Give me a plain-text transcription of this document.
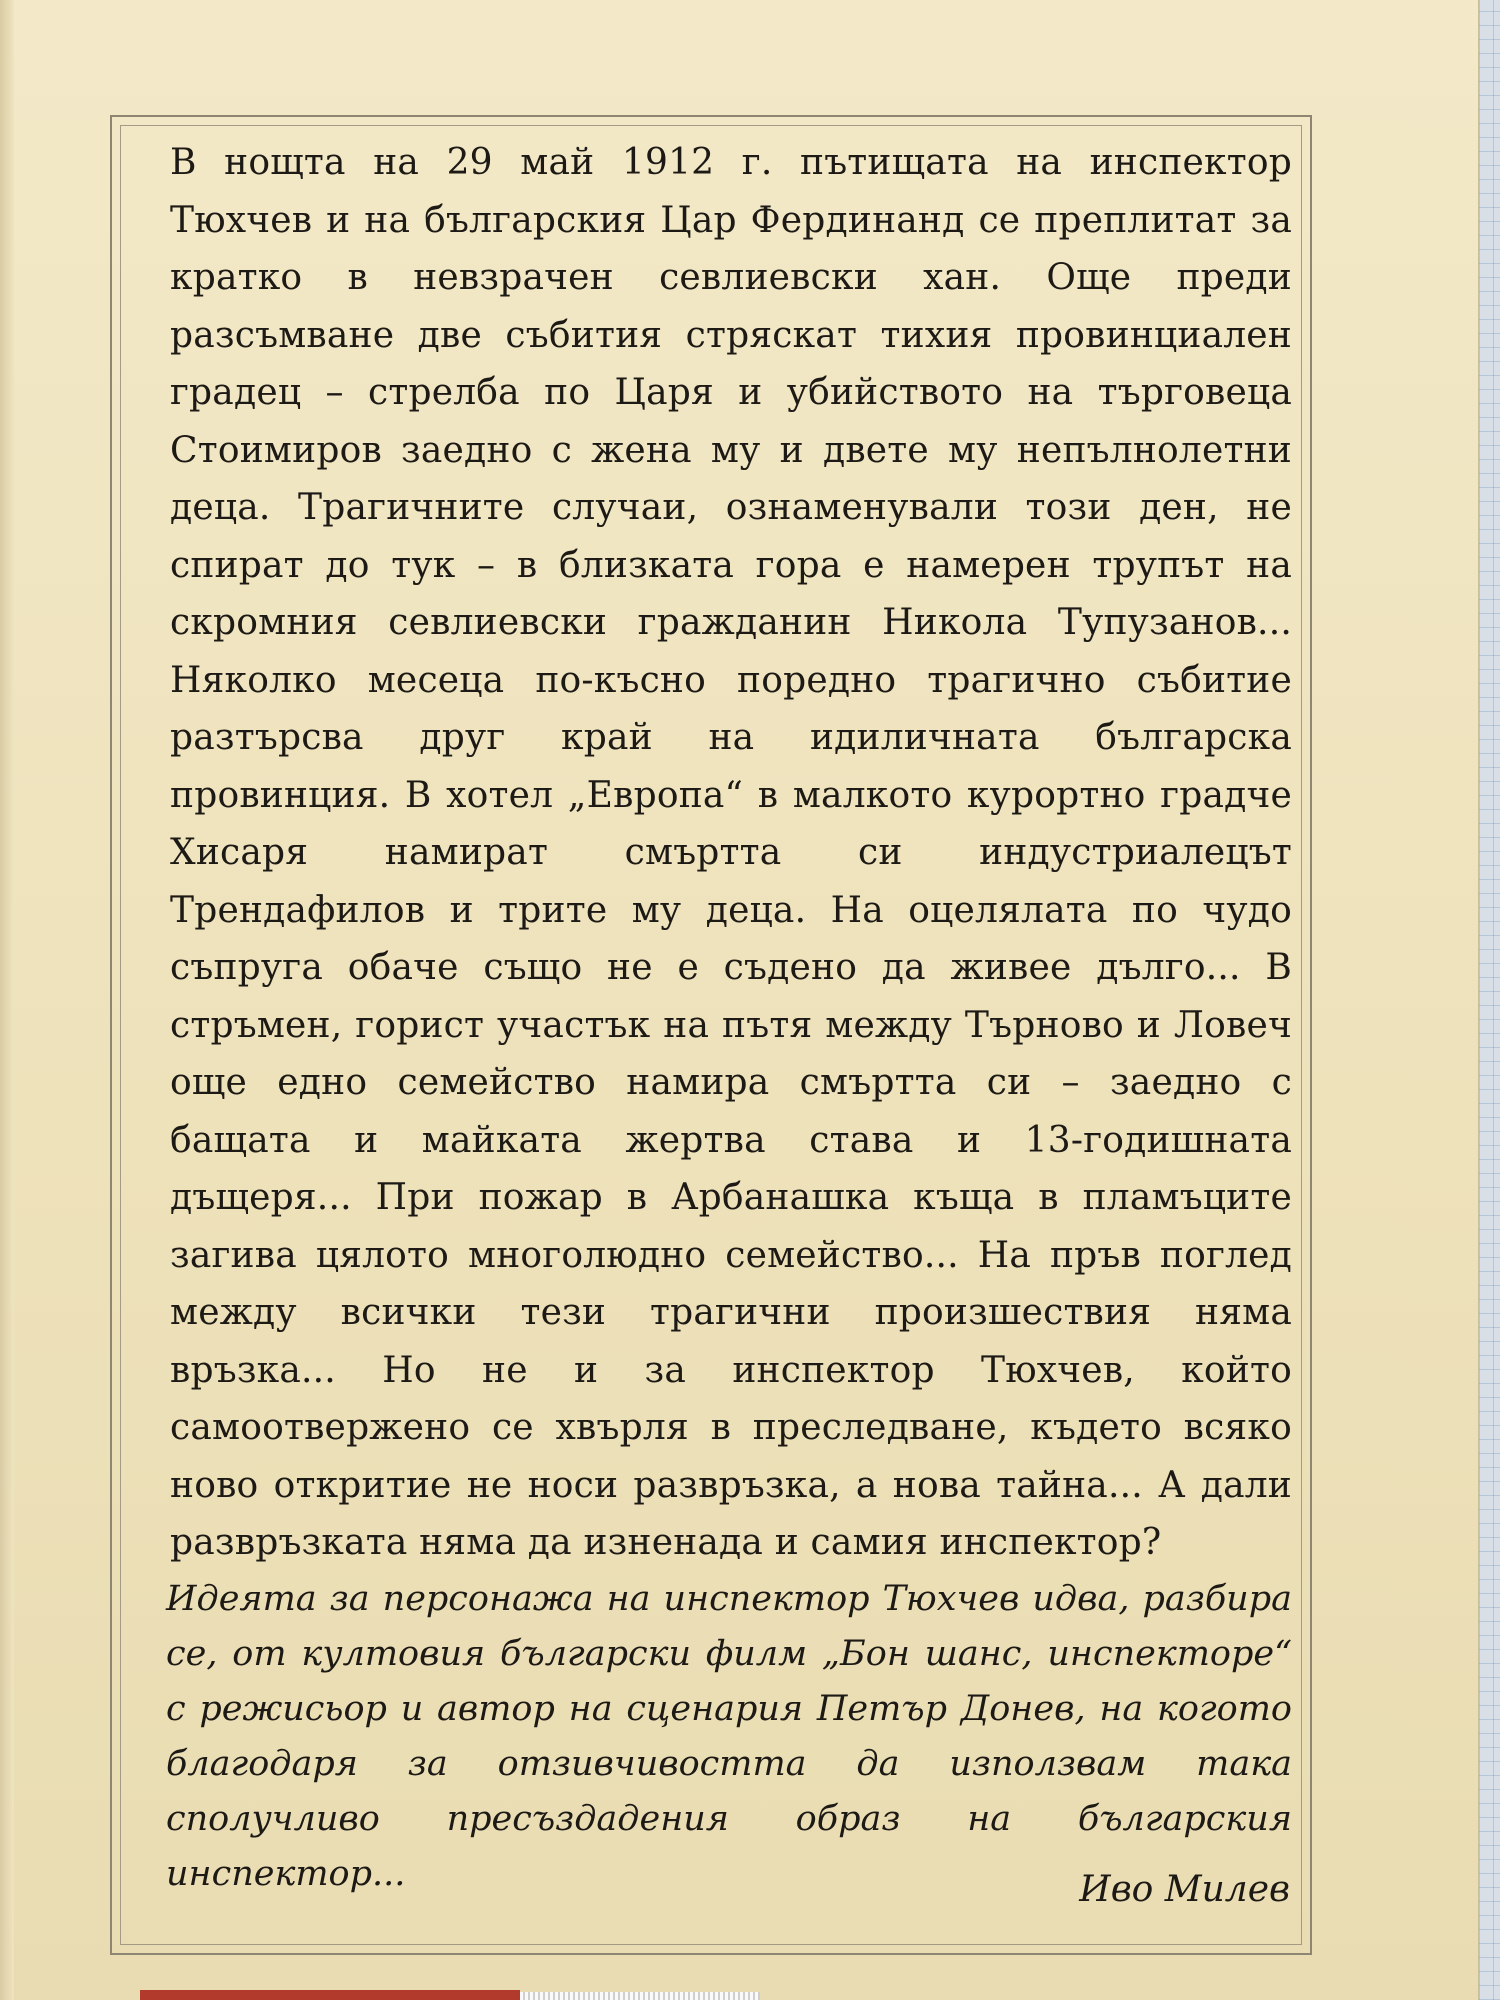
В нощта на 29 май 1912 г. пътищата на инспектор Тюхчев и на българския Цар Фердинанд се преплитат за кратко в невзрачен севлиевски хан. Още преди разсъмване две събития стряскат тихия провинциален градец – стрелба по Царя и убийството на търговеца Стоимиров заедно с жена му и двете му непълнолетни деца. Трагичните случаи, ознаменували този ден, не спират до тук – в близката гора е намерен трупът на скромния севлиевски гражданин Никола Тупузанов... Няколко месеца по-късно поредно трагично събитие разтърсва друг край на идиличната българска провинция. В хотел „Европа“ в малкото курортно градче Хисаря намират смъртта си индустриалецът Трендафилов и трите му деца. На оцелялата по чудо съпруга обаче също не е съдено да живее дълго... В стръмен, горист участък на пътя между Търново и Ловеч още едно семейство намира смъртта си – заедно с бащата и майката жертва става и 13-годишната дъщеря... При пожар в Арбанашка къща в пламъците загива цялото многолюдно семейство... На пръв поглед между всички тези трагични произшествия няма връзка... Но не и за инспектор Тюхчев, който самоотвержено се хвърля в преследване, където всяко ново откритие не носи развръзка, а нова тайна... А дали развръзката няма да изненада и самия инспектор?

Идеята за персонажа на инспектор Тюхчев идва, разбира се, от култовия български филм „Бон шанс, инспекторе“ с режисьор и автор на сценария Петър Донев, на когото благодаря за отзивчивостта да използвам така сполучливо пресъздадения образ на българския инспектор...	Иво Милев
